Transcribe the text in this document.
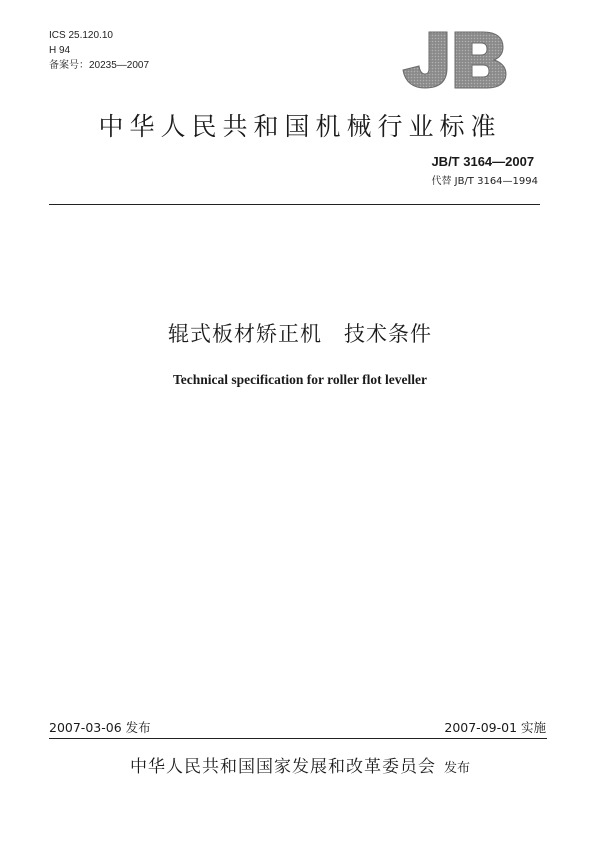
ICS 25.120.10
H 94
备案号：20235—2007
中华人民共和国机械行业标准
JB/T 3164—2007
代替 JB/T 3164—1994
辊式板材矫正机　技术条件
Technical specification for roller flot leveller
2007-03-06 发布	2007-09-01 实施
中华人民共和国国家发展和改革委员会 发布
